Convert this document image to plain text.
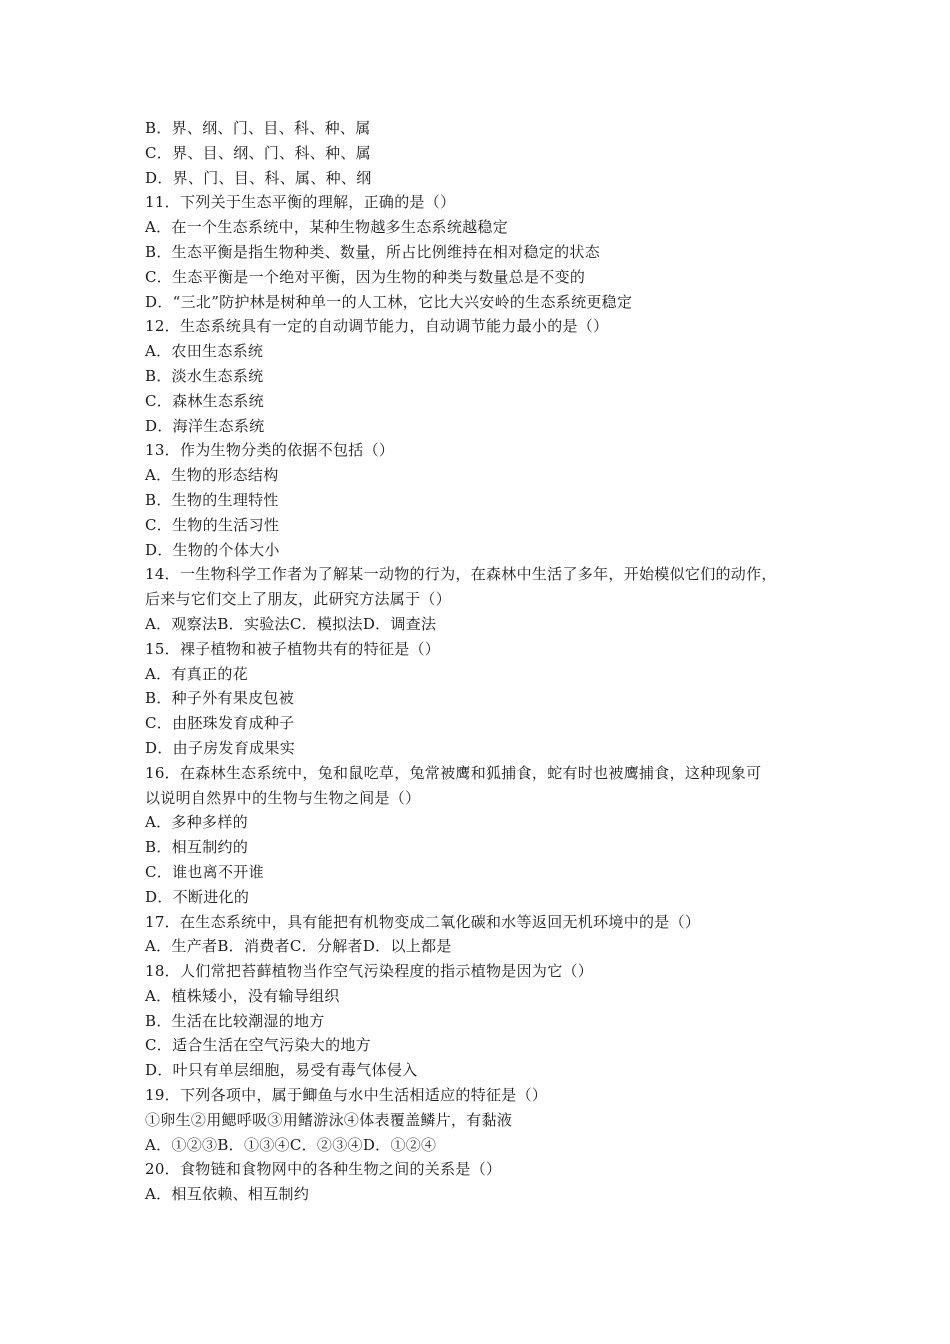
B．界、纲、门、目、科、种、属
C．界、目、纲、门、科、种、属
D．界、门、目、科、属、种、纲
11．下列关于生态平衡的理解，正确的是（）
A．在一个生态系统中，某种生物越多生态系统越稳定
B．生态平衡是指生物种类、数量，所占比例维持在相对稳定的状态
C．生态平衡是一个绝对平衡，因为生物的种类与数量总是不变的
D．“三北”防护林是树种单一的人工林，它比大兴安岭的生态系统更稳定
12．生态系统具有一定的自动调节能力，自动调节能力最小的是（）
A．农田生态系统
B．淡水生态系统
C．森林生态系统
D．海洋生态系统
13．作为生物分类的依据不包括（）
A．生物的形态结构
B．生物的生理特性
C．生物的生活习性
D．生物的个体大小
14．一生物科学工作者为了解某一动物的行为，在森林中生活了多年，开始模似它们的动作，
后来与它们交上了朋友，此研究方法属于（）
A．观察法B．实验法C．模拟法D．调查法
15．裸子植物和被子植物共有的特征是（）
A．有真正的花
B．种子外有果皮包被
C．由胚珠发育成种子
D．由子房发育成果实
16．在森林生态系统中，兔和鼠吃草，兔常被鹰和狐捕食，蛇有时也被鹰捕食，这种现象可
以说明自然界中的生物与生物之间是（）
A．多种多样的
B．相互制约的
C．谁也离不开谁
D．不断进化的
17．在生态系统中，具有能把有机物变成二氧化碳和水等返回无机环境中的是（）
A．生产者B．消费者C．分解者D．以上都是
18．人们常把苔藓植物当作空气污染程度的指示植物是因为它（）
A．植株矮小，没有输导组织
B．生活在比较潮湿的地方
C．适合生活在空气污染大的地方
D．叶只有单层细胞，易受有毒气体侵入
19．下列各项中，属于鲫鱼与水中生活相适应的特征是（）
①卵生②用鳃呼吸③用鳍游泳④体表覆盖鳞片，有黏液
A．①②③B．①③④C．②③④D．①②④
20．食物链和食物网中的各种生物之间的关系是（）
A．相互依赖、相互制约
